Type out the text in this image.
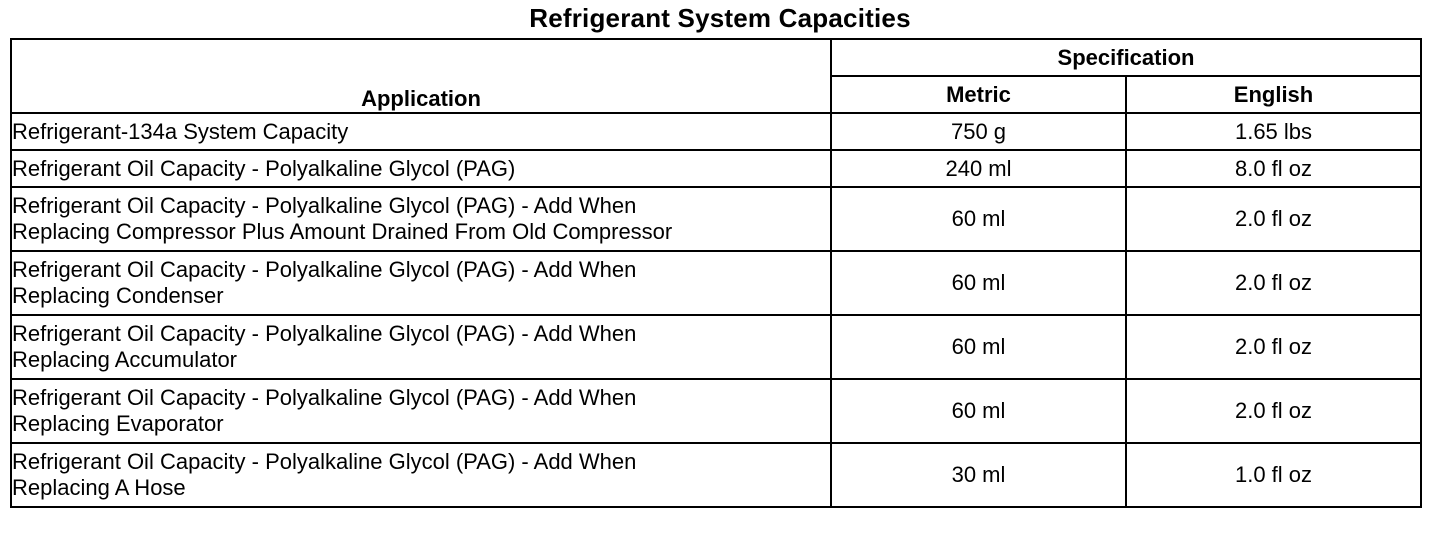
Refrigerant System Capacities
Application	Specification	
	Metric	English
Refrigerant-134a System Capacity	750 g	1.65 lbs
Refrigerant Oil Capacity - Polyalkaline Glycol (PAG)	240 ml	8.0 fl oz
Refrigerant Oil Capacity - Polyalkaline Glycol (PAG) - Add When
Replacing Compressor Plus Amount Drained From Old Compressor	60 ml	2.0 fl oz
Refrigerant Oil Capacity - Polyalkaline Glycol (PAG) - Add When
Replacing Condenser	60 ml	2.0 fl oz
Refrigerant Oil Capacity - Polyalkaline Glycol (PAG) - Add When
Replacing Accumulator	60 ml	2.0 fl oz
Refrigerant Oil Capacity - Polyalkaline Glycol (PAG) - Add When
Replacing Evaporator	60 ml	2.0 fl oz
Refrigerant Oil Capacity - Polyalkaline Glycol (PAG) - Add When
Replacing A Hose	30 ml	1.0 fl oz
